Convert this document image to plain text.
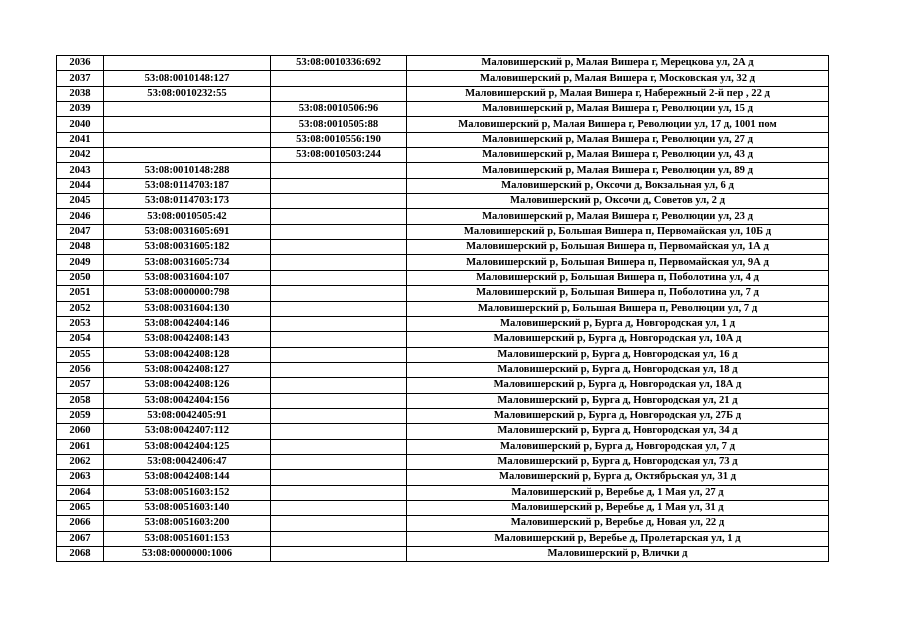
2036		53:08:0010336:692	Маловишерский р, Малая Вишера г, Мерецкова ул, 2А д
2037	53:08:0010148:127		Маловишерский р, Малая Вишера г, Московская ул, 32 д
2038	53:08:0010232:55		Маловишерский р, Малая Вишера г, Набережный 2-й пер , 22 д
2039		53:08:0010506:96	Маловишерский р, Малая Вишера г, Революции ул, 15 д
2040		53:08:0010505:88	Маловишерский р, Малая Вишера г, Революции ул, 17 д, 1001 пом
2041		53:08:0010556:190	Маловишерский р, Малая Вишера г, Революции ул, 27 д
2042		53:08:0010503:244	Маловишерский р, Малая Вишера г, Революции ул, 43 д
2043	53:08:0010148:288		Маловишерский р, Малая Вишера г, Революции ул, 89 д
2044	53:08:0114703:187		Маловишерский р, Оксочи д, Вокзальная ул, 6 д
2045	53:08:0114703:173		Маловишерский р, Оксочи д, Советов ул, 2 д
2046	53:08:0010505:42		Маловишерский р, Малая Вишера г, Революции ул, 23 д
2047	53:08:0031605:691		Маловишерский р, Большая Вишера п, Первомайская ул, 10Б д
2048	53:08:0031605:182		Маловишерский р, Большая Вишера п, Первомайская ул, 1А д
2049	53:08:0031605:734		Маловишерский р, Большая Вишера п, Первомайская ул, 9А д
2050	53:08:0031604:107		Маловишерский р, Большая Вишера п, Поболотина ул, 4 д
2051	53:08:0000000:798		Маловишерский р, Большая Вишера п, Поболотина ул, 7 д
2052	53:08:0031604:130		Маловишерский р, Большая Вишера п, Революции ул, 7 д
2053	53:08:0042404:146		Маловишерский р, Бурга д, Новгородская ул, 1 д
2054	53:08:0042408:143		Маловишерский р, Бурга д, Новгородская ул, 10А д
2055	53:08:0042408:128		Маловишерский р, Бурга д, Новгородская ул, 16 д
2056	53:08:0042408:127		Маловишерский р, Бурга д, Новгородская ул, 18 д
2057	53:08:0042408:126		Маловишерский р, Бурга д, Новгородская ул, 18А д
2058	53:08:0042404:156		Маловишерский р, Бурга д, Новгородская ул, 21 д
2059	53:08:0042405:91		Маловишерский р, Бурга д, Новгородская ул, 27Б д
2060	53:08:0042407:112		Маловишерский р, Бурга д, Новгородская ул, 34 д
2061	53:08:0042404:125		Маловишерский р, Бурга д, Новгородская ул, 7 д
2062	53:08:0042406:47		Маловишерский р, Бурга д, Новгородская ул, 73 д
2063	53:08:0042408:144		Маловишерский р, Бурга д, Октябрьская ул, 31 д
2064	53:08:0051603:152		Маловишерский р, Веребье д, 1 Мая ул, 27 д
2065	53:08:0051603:140		Маловишерский р, Веребье д, 1 Мая ул, 31 д
2066	53:08:0051603:200		Маловишерский р, Веребье д, Новая ул, 22 д
2067	53:08:0051601:153		Маловишерский р, Веребье д, Пролетарская ул, 1 д
2068	53:08:0000000:1006		Маловишерский р, Влички д
